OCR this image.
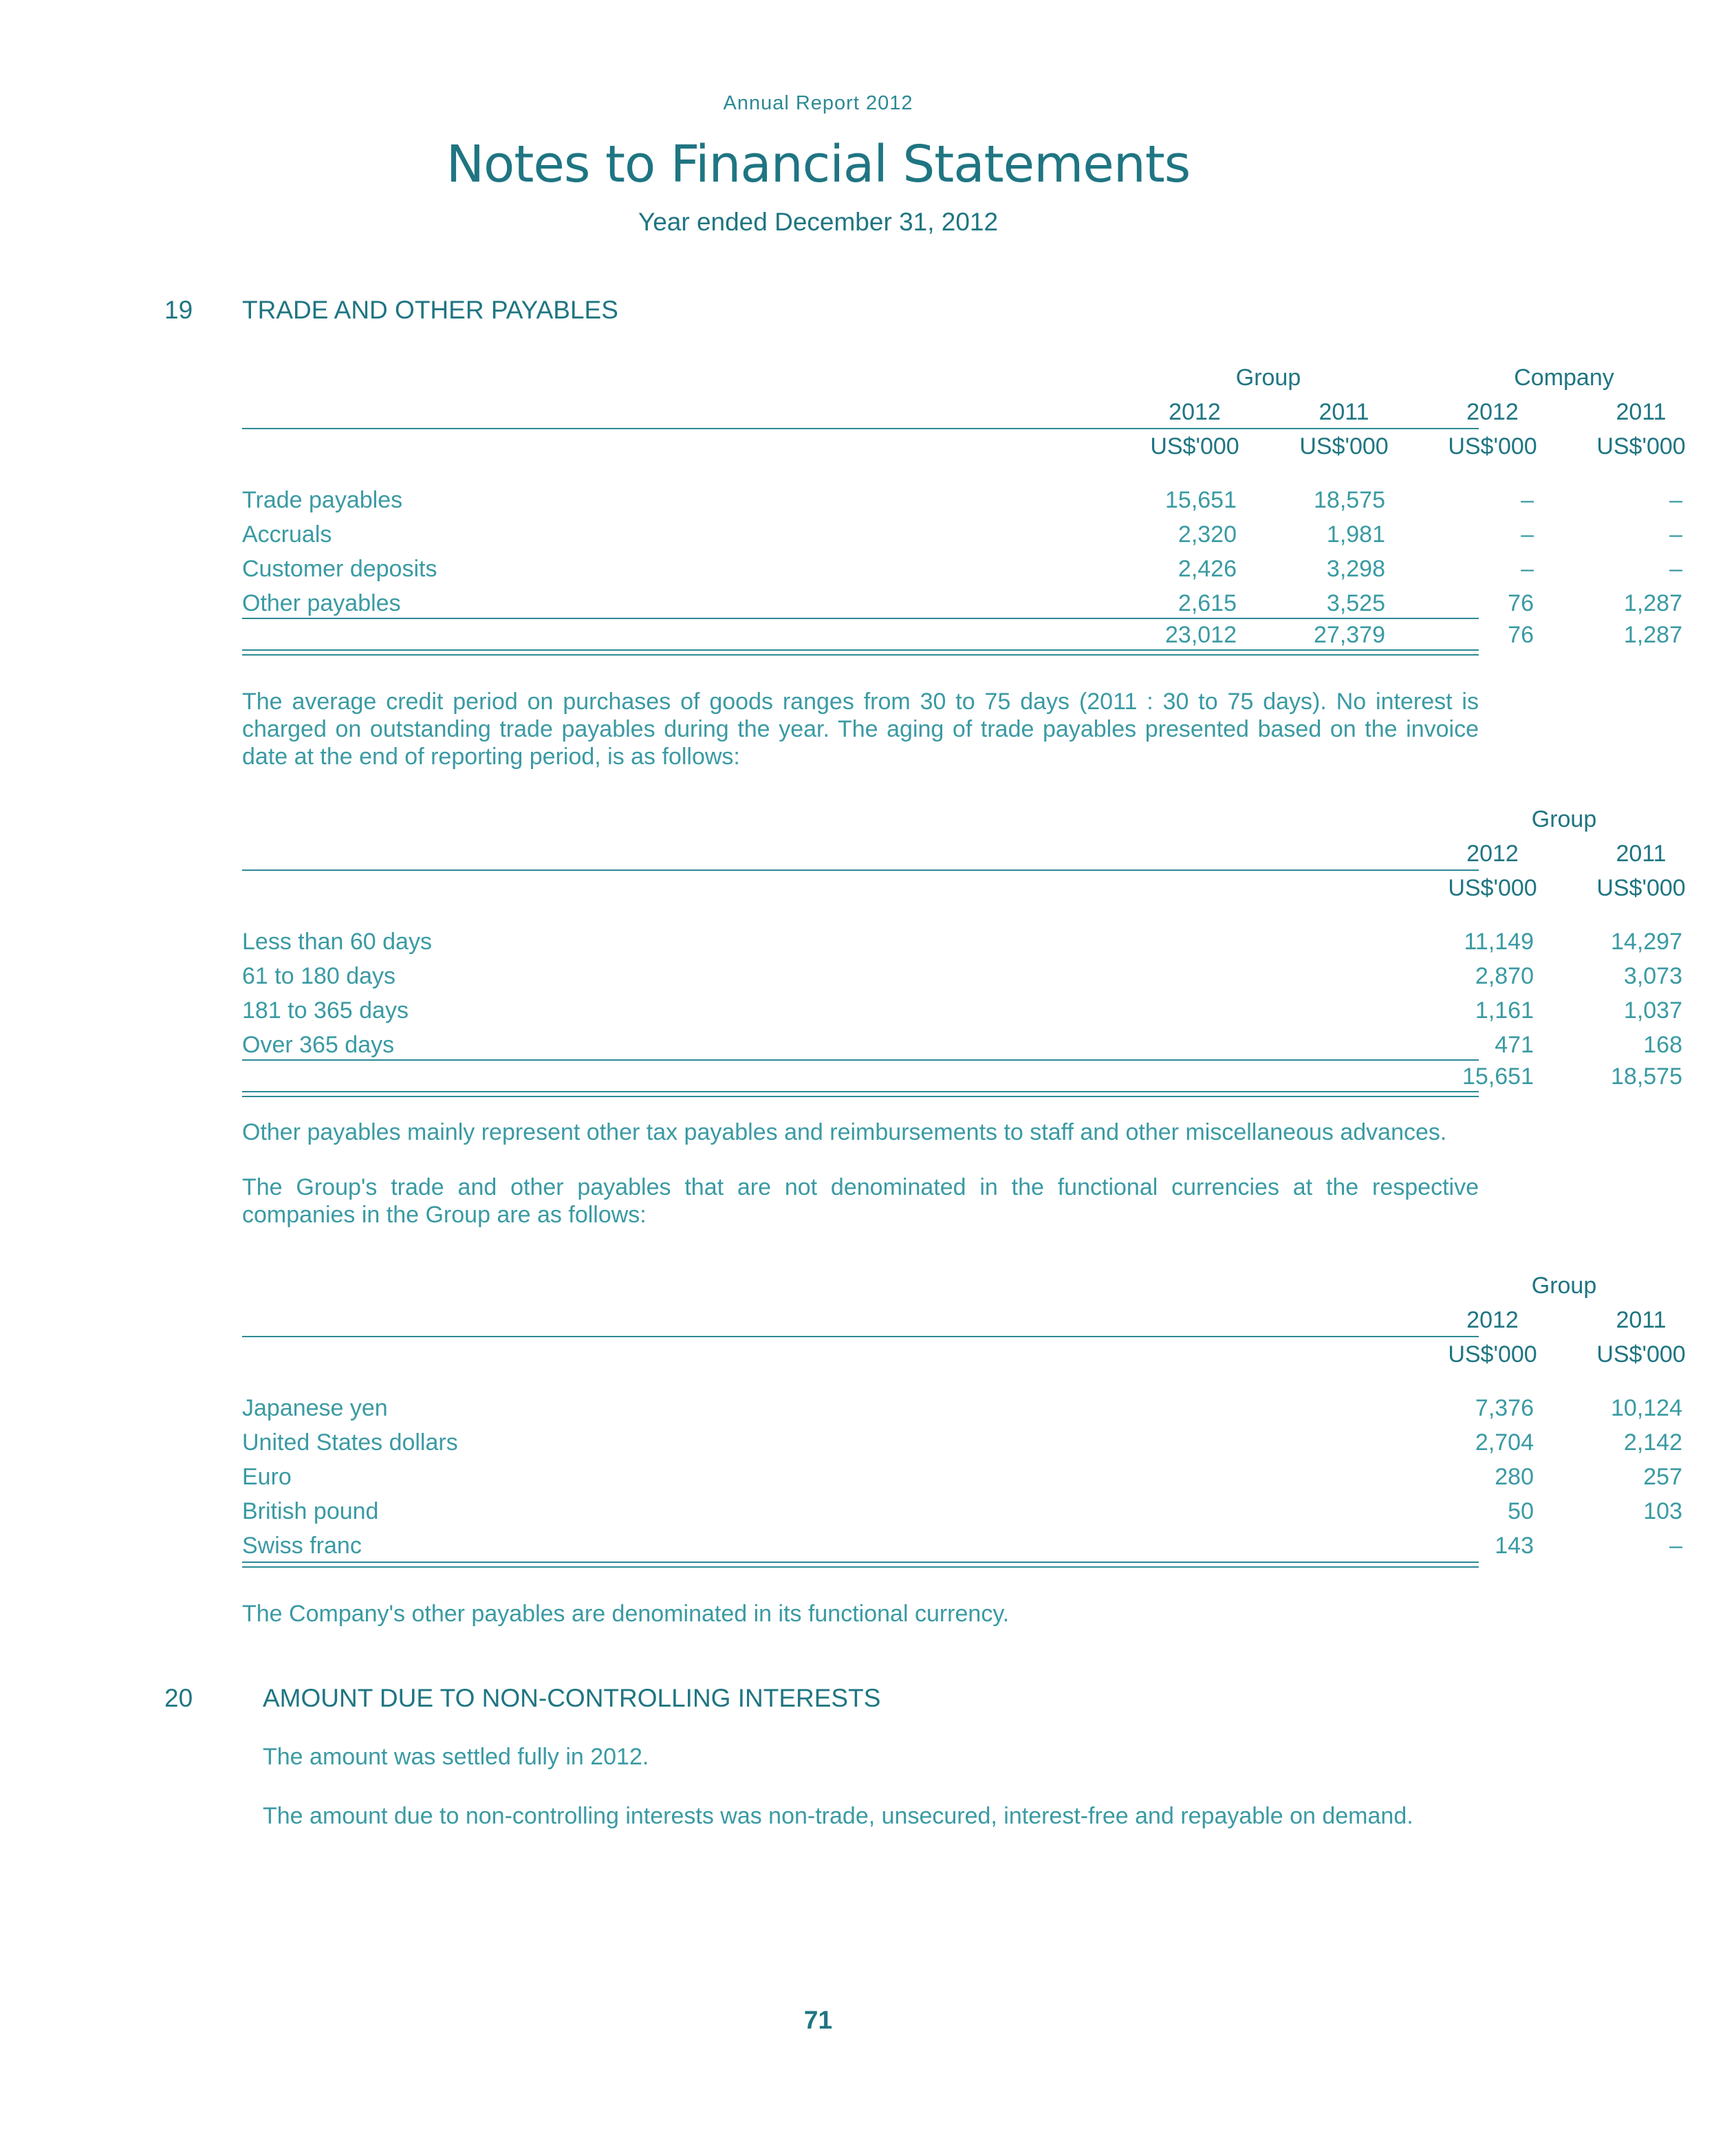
Annual Report 2012
Notes to Financial Statements
Year ended December 31, 2012
19 TRADE AND OTHER PAYABLES
Group	Company
2012	2011	2012	2011
US$'000	US$'000	US$'000	US$'000
Trade payables	15,651	18,575	–	–
Accruals	2,320	1,981	–	–
Customer deposits	2,426	3,298	–	–
Other payables	2,615	3,525	76	1,287
23,012	27,379	76	1,287
The average credit period on purchases of goods ranges from 30 to 75 days (2011 : 30 to 75 days). No interest is charged on outstanding trade payables during the year. The aging of trade payables presented based on the invoice date at the end of reporting period, is as follows:
Group
2012	2011
US$'000	US$'000
Less than 60 days	11,149	14,297
61 to 180 days	2,870	3,073
181 to 365 days	1,161	1,037
Over 365 days	471	168
15,651	18,575
Other payables mainly represent other tax payables and reimbursements to staff and other miscellaneous advances.
The Group's trade and other payables that are not denominated in the functional currencies at the respective companies in the Group are as follows:
Group
2012	2011
US$'000	US$'000
Japanese yen	7,376	10,124
United States dollars	2,704	2,142
Euro	280	257
British pound	50	103
Swiss franc	143	–
The Company's other payables are denominated in its functional currency.
20	AMOUNT DUE TO NON-CONTROLLING INTERESTS
The amount was settled fully in 2012.
The amount due to non-controlling interests was non-trade, unsecured, interest-free and repayable on demand.
71
